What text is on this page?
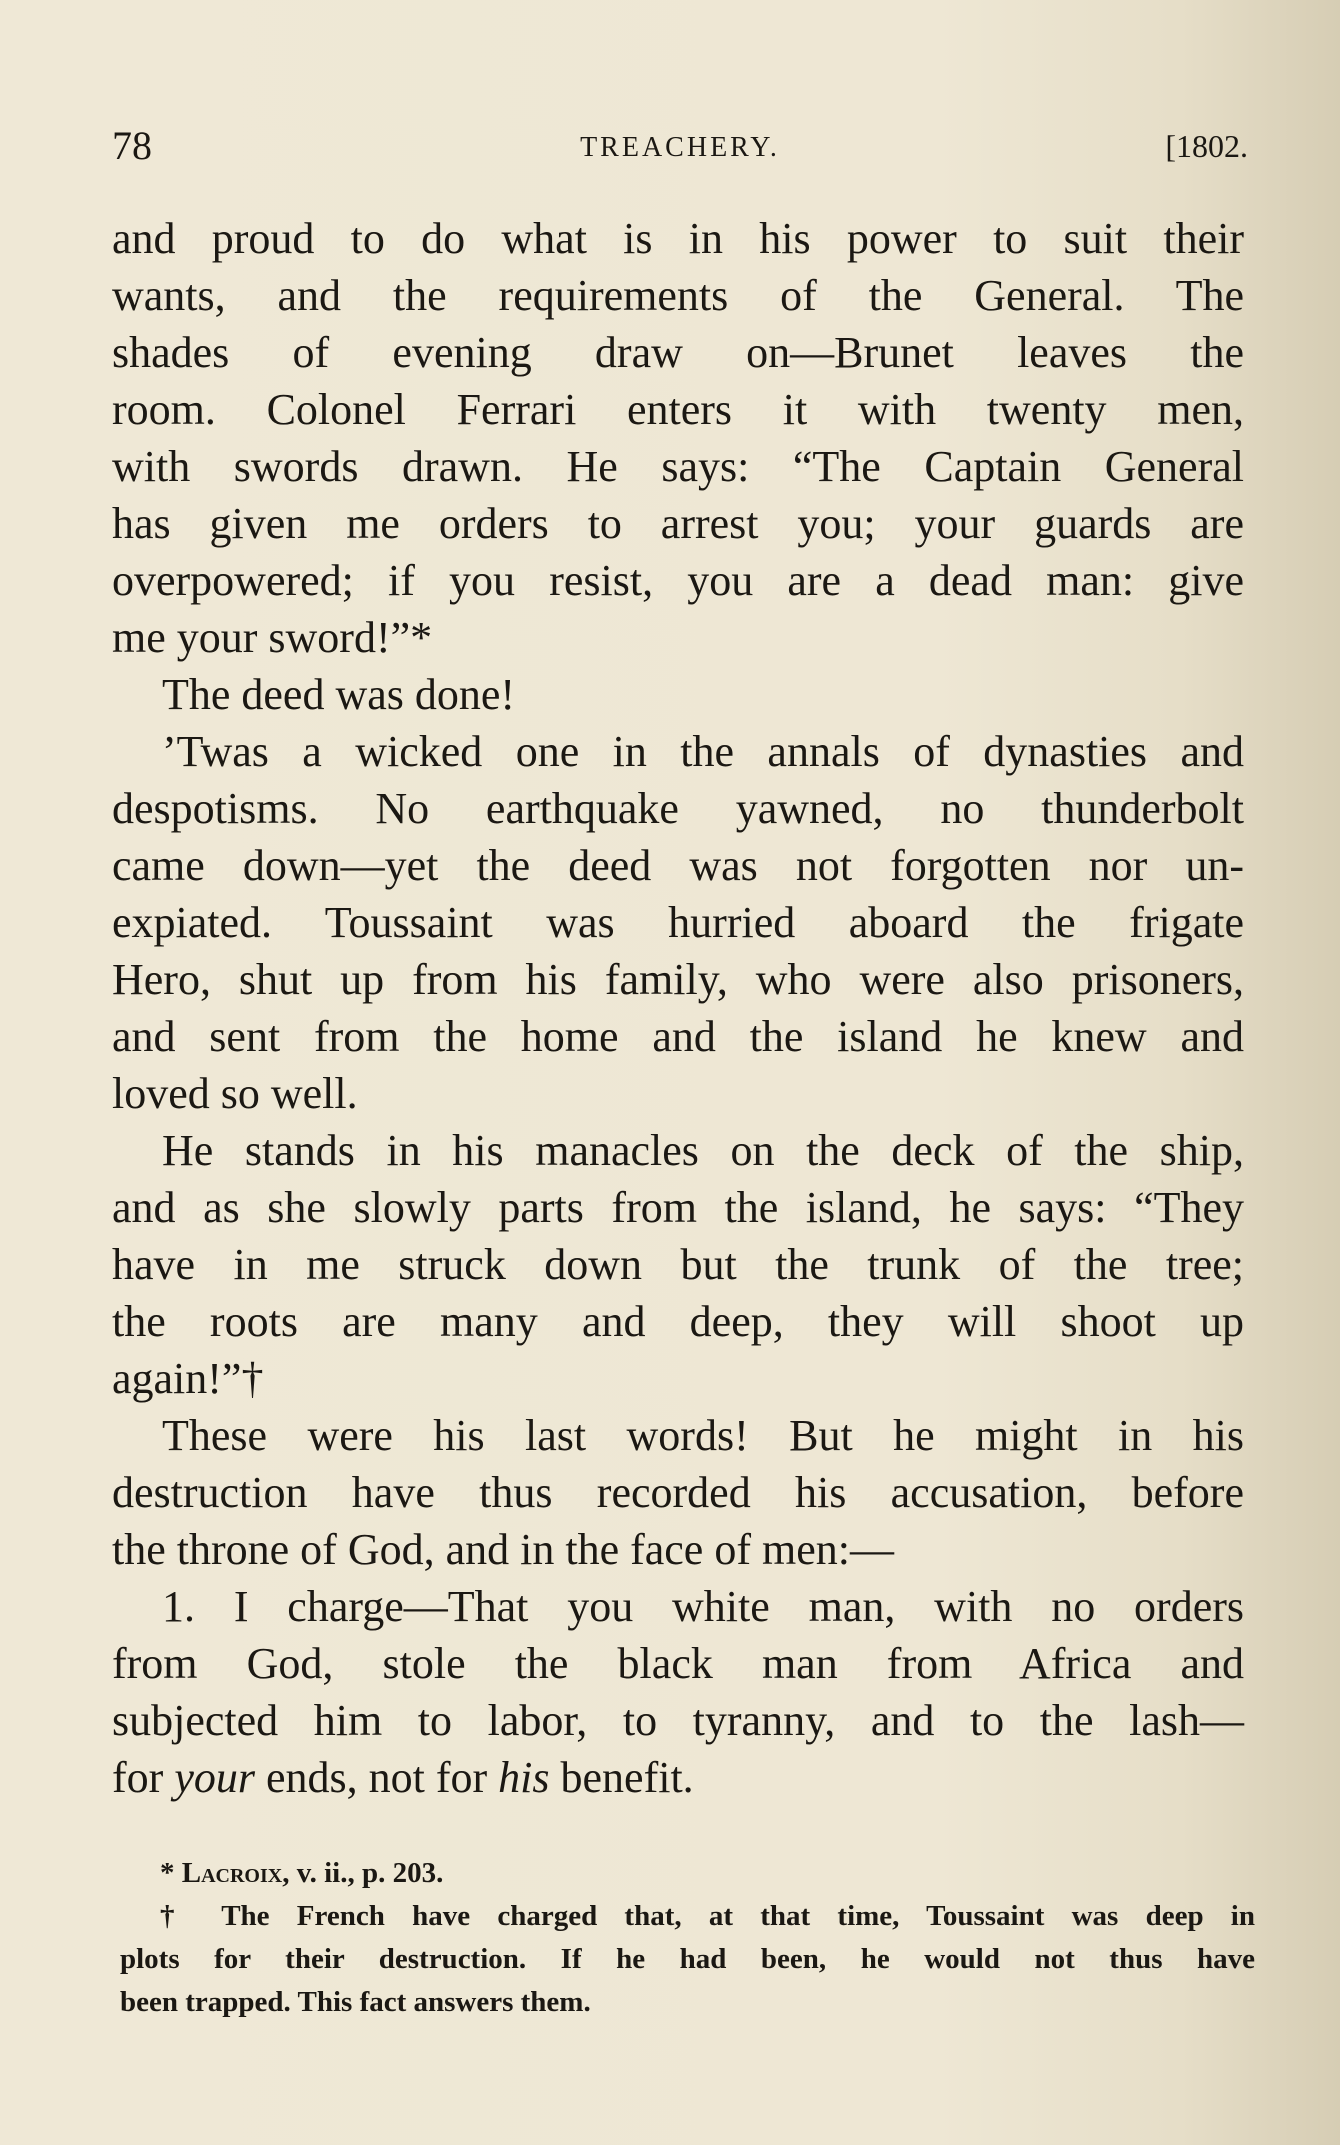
78	TREACHERY.	[1802.
and proud to do what is in his power to suit their
wants, and the requirements of the General. The
shades of evening draw on—Brunet leaves the
room. Colonel Ferrari enters it with twenty men,
with swords drawn. He says: “The Captain General
has given me orders to arrest you; your guards are
overpowered; if you resist, you are a dead man: give
me your sword!”*
The deed was done!
’Twas a wicked one in the annals of dynasties and
despotisms. No earthquake yawned, no thunderbolt
came down—yet the deed was not forgotten nor un-
expiated. Toussaint was hurried aboard the frigate
Hero, shut up from his family, who were also prisoners,
and sent from the home and the island he knew and
loved so well.
He stands in his manacles on the deck of the ship,
and as she slowly parts from the island, he says: “They
have in me struck down but the trunk of the tree;
the roots are many and deep, they will shoot up
again!”†
These were his last words! But he might in his
destruction have thus recorded his accusation, before
the throne of God, and in the face of men:—
1. I charge—That you white man, with no orders
from God, stole the black man from Africa and
subjected him to labor, to tyranny, and to the lash—
for your ends, not for his benefit.
* Lacroix, v. ii., p. 203.
† The French have charged that, at that time, Toussaint was deep in
plots for their destruction. If he had been, he would not thus have
been trapped. This fact answers them.
